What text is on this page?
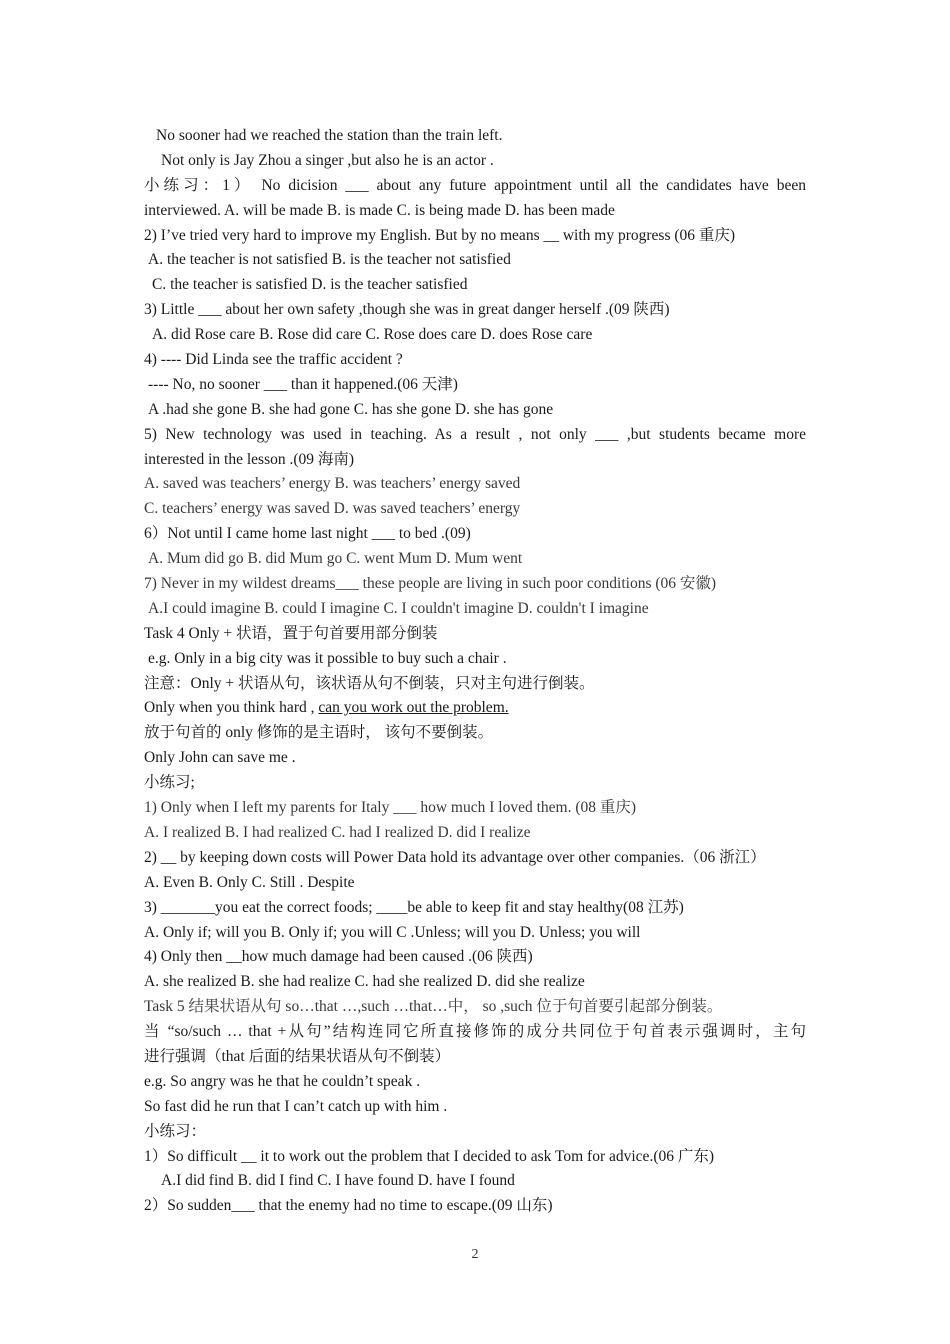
No sooner had we reached the station than the train left.
Not only is Jay Zhou a singer ,but also he is an actor .
小练习：1） No dicision ___ about any future appointment until all the candidates have been
interviewed. A. will be made B. is made C. is being made D. has been made
2) I’ve tried very hard to improve my English. But by no means __ with my progress (06 重庆)
A. the teacher is not satisfied B. is the teacher not satisfied
C. the teacher is satisfied D. is the teacher satisfied
3) Little ___ about her own safety ,though she was in great danger herself .(09 陕西)
A. did Rose care B. Rose did care C. Rose does care D. does Rose care
4) ---- Did Linda see the traffic accident ?
---- No, no sooner ___ than it happened.(06 天津)
A .had she gone B. she had gone C. has she gone D. she has gone
5) New technology was used in teaching. As a result , not only ___ ,but students became more
interested in the lesson .(09 海南)
A. saved was teachers’ energy B. was teachers’ energy saved
C. teachers’ energy was saved D. was saved teachers’ energy
6）Not until I came home last night ___ to bed .(09)
A. Mum did go B. did Mum go C. went Mum D. Mum went
7) Never in my wildest dreams___ these people are living in such poor conditions (06 安徽)
A.I could imagine B. could I imagine C. I couldn't imagine D. couldn't I imagine
Task 4 Only + 状语，置于句首要用部分倒装
e.g. Only in a big city was it possible to buy such a chair .
注意：Only + 状语从句，该状语从句不倒装，只对主句进行倒装。
Only when you think hard , can you work out the problem.
放于句首的 only 修饰的是主语时， 该句不要倒装。
Only John can save me .
小练习;
1) Only when I left my parents for Italy ___ how much I loved them. (08 重庆)
A. I realized B. I had realized C. had I realized D. did I realize
2) __ by keeping down costs will Power Data hold its advantage over other companies.（06 浙江）
A. Even B. Only C. Still . Despite
3) _______you eat the correct foods; ____be able to keep fit and stay healthy(08 江苏)
A. Only if; will you B. Only if; you will C .Unless; will you D. Unless; you will
4) Only then __how much damage had been caused .(06 陕西)
A. she realized B. she had realize C. had she realized D. did she realize
Task 5 结果状语从句 so…that …,such …that…中， so ,such 位于句首要引起部分倒装。
当 “so/such … that +从句”结构连同它所直接修饰的成分共同位于句首表示强调时，主句
进行强调（that 后面的结果状语从句不倒装）
e.g. So angry was he that he couldn’t speak .
So fast did he run that I can’t catch up with him .
小练习：
1）So difficult __ it to work out the problem that I decided to ask Tom for advice.(06 广东)
A.I did find B. did I find C. I have found D. have I found
2）So sudden___ that the enemy had no time to escape.(09 山东)
2
